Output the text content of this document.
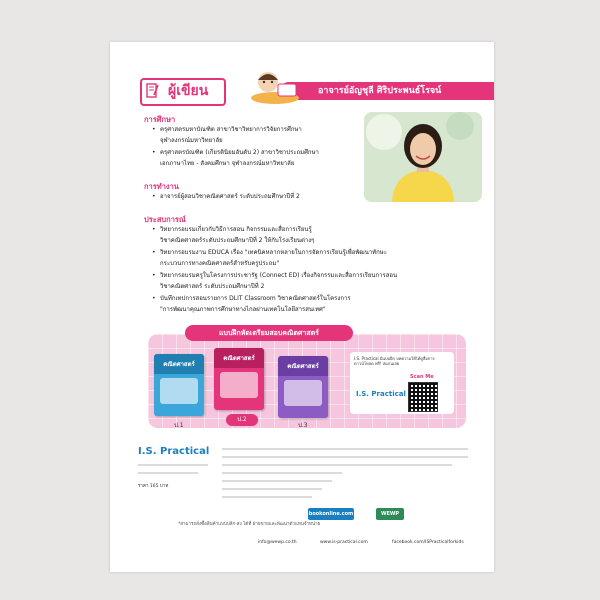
ผู้เขียน	อาจารย์อัญชุลี ศิริประพนธ์โรจน์
การศึกษา
• ครุศาสตรมหาบัณฑิต สาขาวิชาวิทยาการวิจัยการศึกษา
จุฬาลงกรณ์มหาวิทยาลัย
• ครุศาสตรบัณฑิต (เกียรตินิยมอันดับ 2) สาขาวิชาประถมศึกษา
เอกภาษาไทย - สังคมศึกษา จุฬาลงกรณ์มหาวิทยาลัย
การทำงาน
• อาจารย์ผู้สอนวิชาคณิตศาสตร์ ระดับประถมศึกษาปีที่ 2
ประสบการณ์
• วิทยากรอบรมเกี่ยวกับวิธีการสอน กิจกรรมและสื่อการเรียนรู้
วิชาคณิตศาสตร์ระดับประถมศึกษาปีที่ 2 ให้กับโรงเรียนต่างๆ
• วิทยากรอบรมงาน EDUCA เรื่อง "เทคนิคหลากหลายในการจัดการเรียนรู้เพื่อพัฒนาทักษะ
กระบวนการทางคณิตศาสตร์สำหรับครูประถม"
• วิทยากรอบรมครูในโครงการประชารัฐ (Connect ED) เรื่องกิจกรรมและสื่อการเรียนการสอน
วิชาคณิตศาสตร์ ระดับประถมศึกษาปีที่ 2
• บันทึกเทปการสอนรายการ DLIT Classroom วิชาคณิตศาสตร์ในโครงการ
"การพัฒนาคุณภาพการศึกษาทางไกลผ่านเทคโนโลยีสารสนเทศ"
แบบฝึกหัดเตรียมสอบคณิตศาสตร์
คณิตศาสตร์
คณิตศาสตร์
คณิตศาสตร์
ป.1
ป.2
ป.3
I.S. Practical มีแบบฝึก บทความให้ได้ดูสื่อการ ดาวน์โหลด ฟรี! สแกนเลย
I.S. Practical
Scan Me
I.S. Practical
ราคา 165 บาท
*สามารถสั่งซื้อสินค้าแบบปลีก-ส่ง ได้ที่ ฝ่ายขายและพัฒนาตัวแทนจำหน่าย
bookonline.com	WEWP
info@wewp.co.th	www.is-practical.com	facebook.com/ISPracticalforkids
